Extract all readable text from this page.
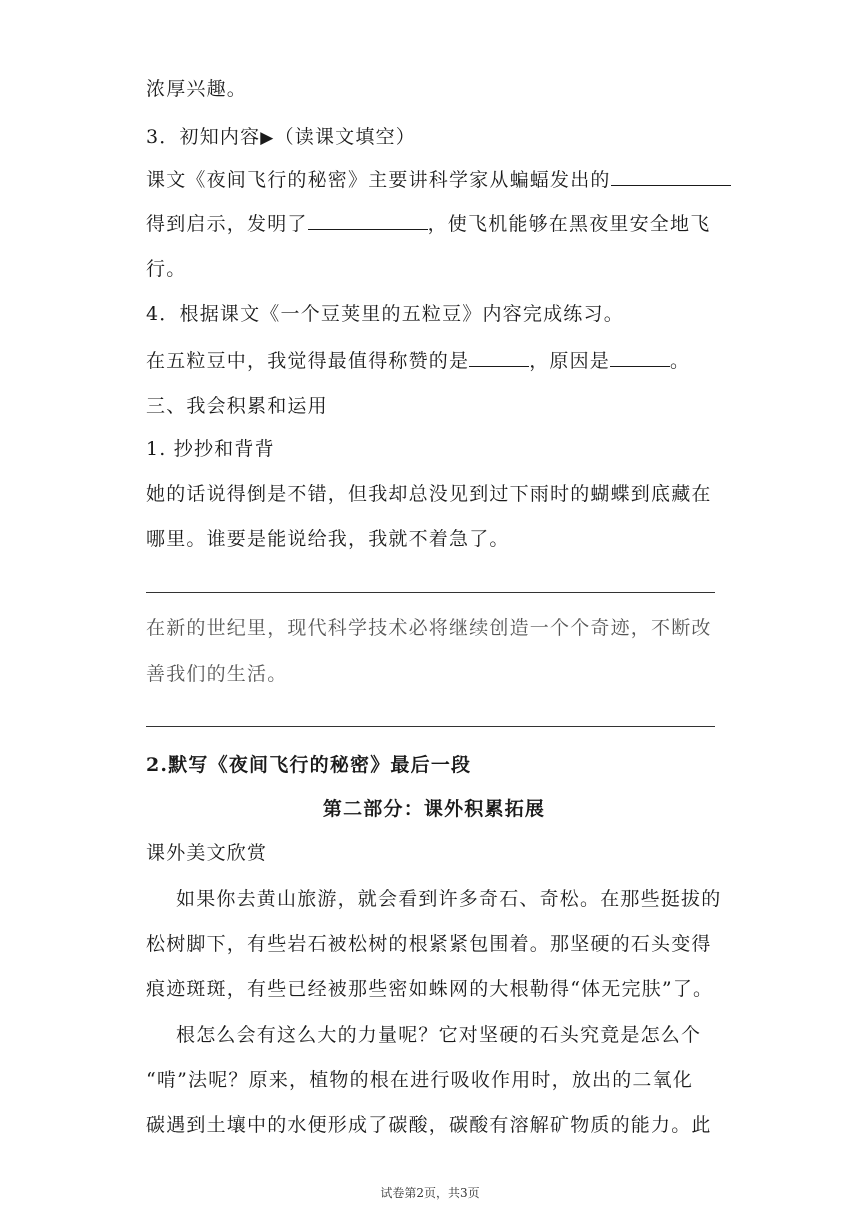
浓厚兴趣。
3．初知内容▶（读课文填空）
课文《夜间飞行的秘密》主要讲科学家从蝙蝠发出的
得到启示，发明了	，使飞机能够在黑夜里安全地飞
行。
4．根据课文《一个豆荚里的五粒豆》内容完成练习。
在五粒豆中，我觉得最值得称赞的是	，原因是	。
三、我会积累和运用
1. 抄抄和背背
她的话说得倒是不错，但我却总没见到过下雨时的蝴蝶到底藏在
哪里。谁要是能说给我，我就不着急了。
在新的世纪里，现代科学技术必将继续创造一个个奇迹，不断改
善我们的生活。
2.默写《夜间飞行的秘密》最后一段
第二部分：课外积累拓展
课外美文欣赏
如果你去黄山旅游，就会看到许多奇石、奇松。在那些挺拔的
松树脚下，有些岩石被松树的根紧紧包围着。那坚硬的石头变得
痕迹斑斑，有些已经被那些密如蛛网的大根勒得“体无完肤”了。
根怎么会有这么大的力量呢？它对坚硬的石头究竟是怎么个
“啃”法呢？原来，植物的根在进行吸收作用时，放出的二氧化
碳遇到土壤中的水便形成了碳酸，碳酸有溶解矿物质的能力。此
试卷第2页，共3页
